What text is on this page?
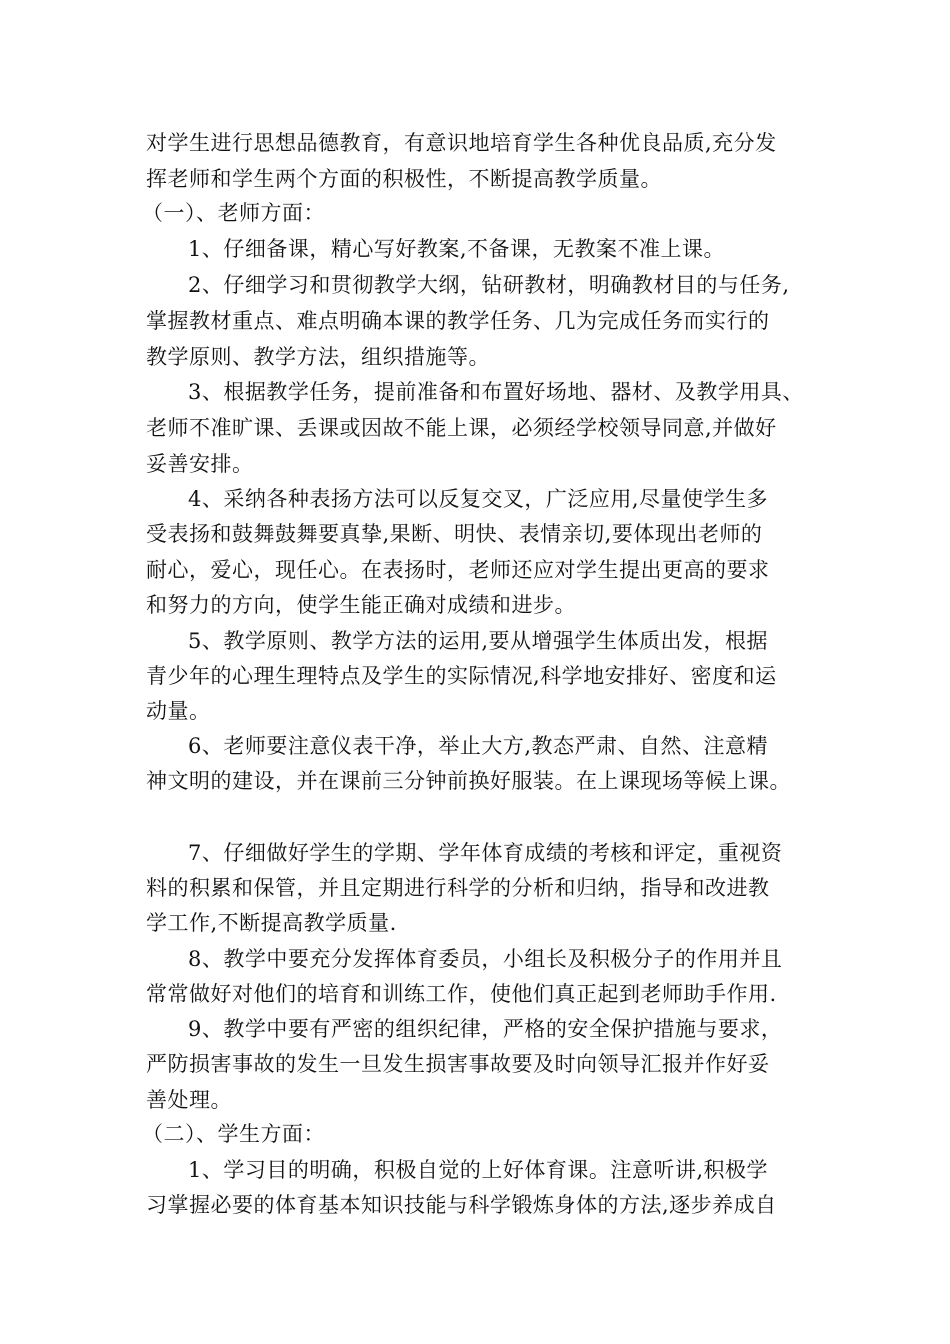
对学生进行思想品德教育，有意识地培育学生各种优良品质,充分发
挥老师和学生两个方面的积极性，不断提高教学质量。
（一）、老师方面：
1、仔细备课，精心写好教案,不备课，无教案不准上课。
2、仔细学习和贯彻教学大纲，钻研教材，明确教材目的与任务,
掌握教材重点、难点明确本课的教学任务、几为完成任务而实行的
教学原则、教学方法，组织措施等。
3、根据教学任务，提前准备和布置好场地、器材、及教学用具、
老师不准旷课、丢课或因故不能上课，必须经学校领导同意,并做好
妥善安排。
4、采纳各种表扬方法可以反复交叉，广泛应用,尽量使学生多
受表扬和鼓舞鼓舞要真挚,果断、明快、表情亲切,要体现出老师的
耐心，爱心，现任心。在表扬时，老师还应对学生提出更高的要求
和努力的方向，使学生能正确对成绩和进步。
5、教学原则、教学方法的运用,要从增强学生体质出发，根据
青少年的心理生理特点及学生的实际情况,科学地安排好、密度和运
动量。
6、老师要注意仪表干净，举止大方,教态严肃、自然、注意精
神文明的建设，并在课前三分钟前换好服装。在上课现场等候上课。
7、仔细做好学生的学期、学年体育成绩的考核和评定，重视资
料的积累和保管，并且定期进行科学的分析和归纳，指导和改进教
学工作,不断提高教学质量.
8、教学中要充分发挥体育委员，小组长及积极分子的作用并且
常常做好对他们的培育和训练工作，使他们真正起到老师助手作用.
9、教学中要有严密的组织纪律，严格的安全保护措施与要求，
严防损害事故的发生一旦发生损害事故要及时向领导汇报并作好妥
善处理。
（二）、学生方面：
1、学习目的明确，积极自觉的上好体育课。注意听讲,积极学
习掌握必要的体育基本知识技能与科学锻炼身体的方法,逐步养成自
